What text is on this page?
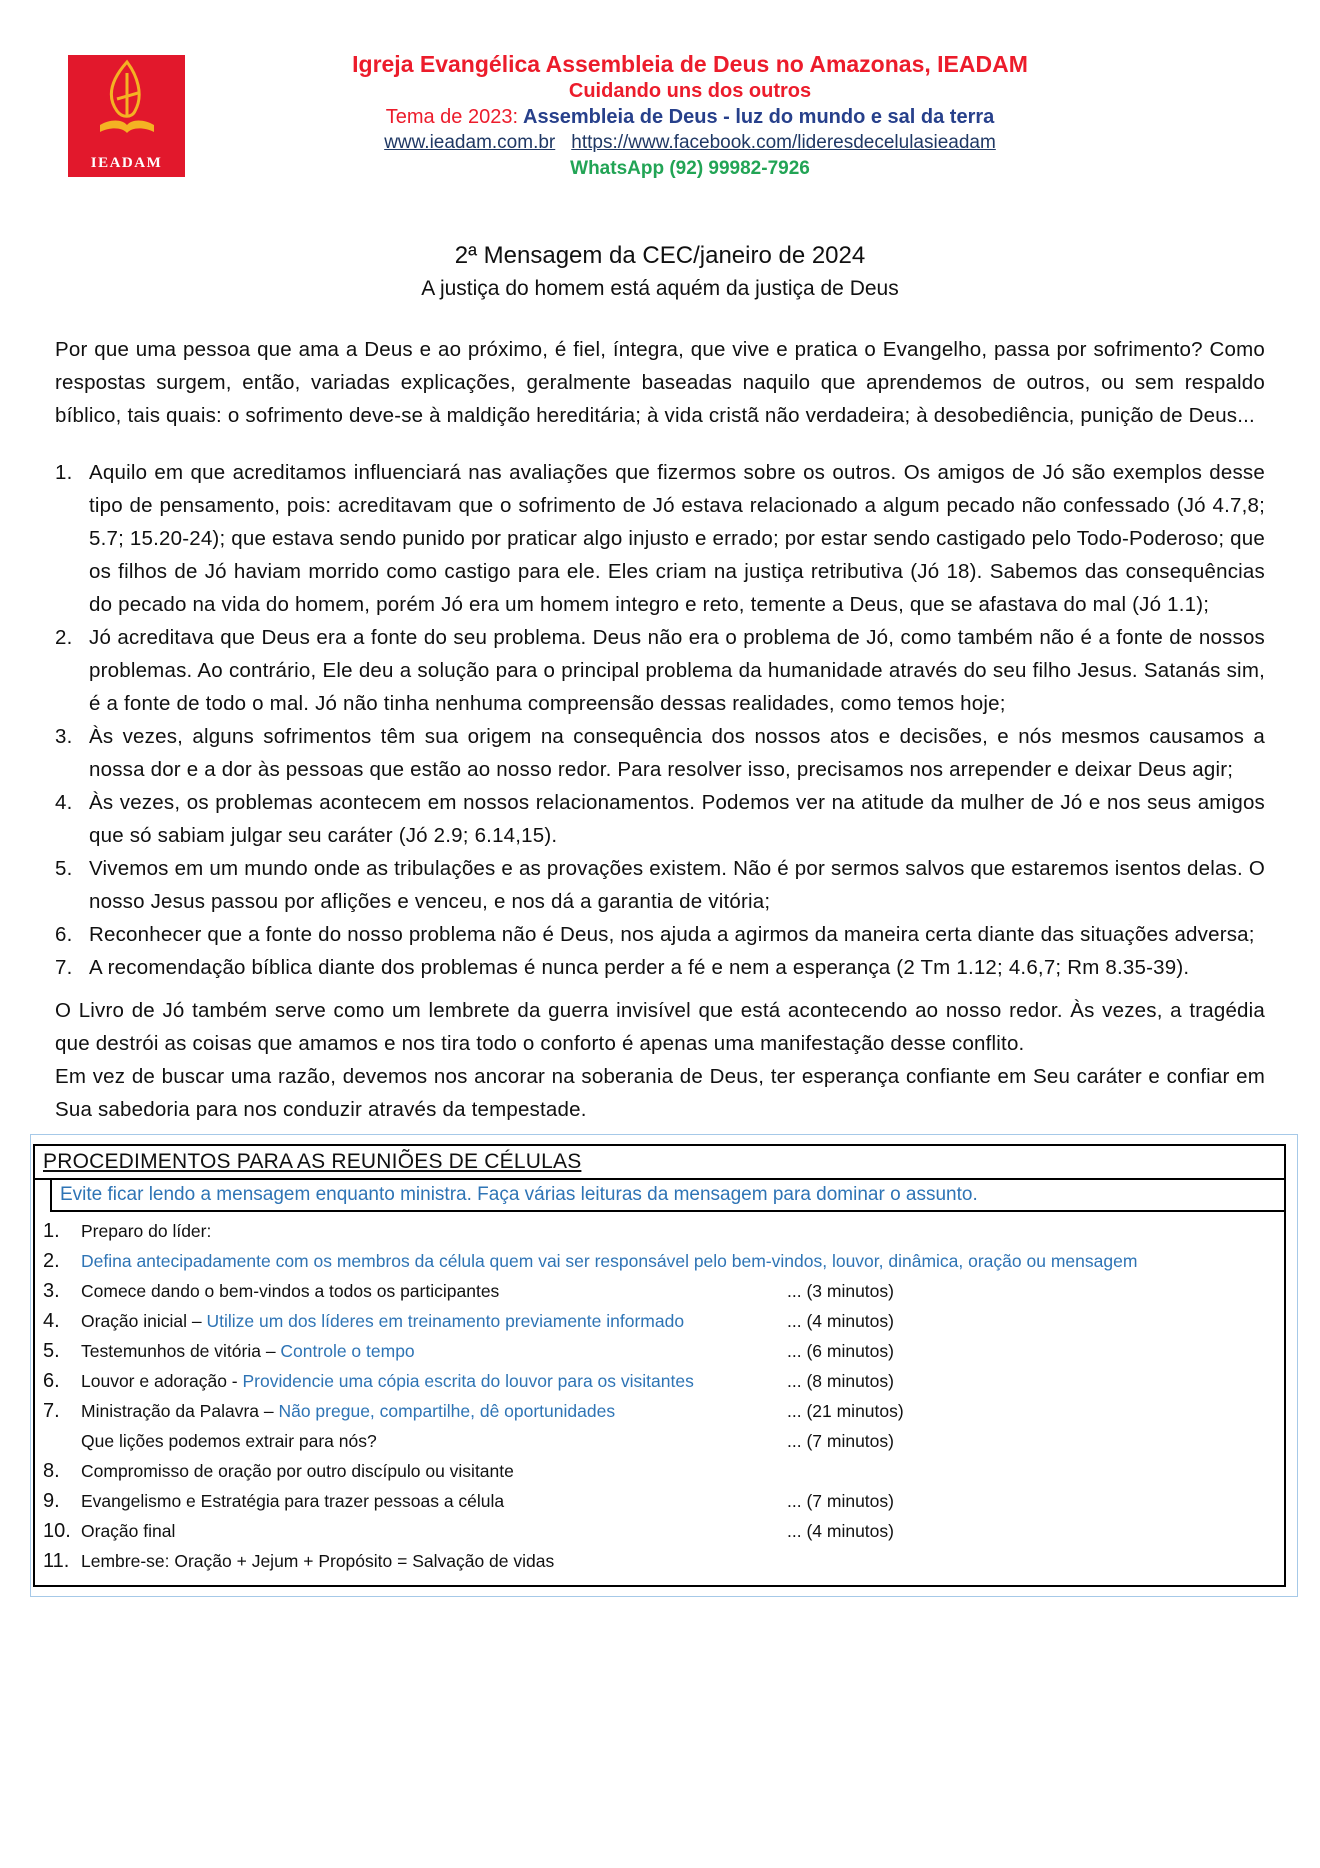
IEADAM
Igreja Evangélica Assembleia de Deus no Amazonas, IEADAM
Cuidando uns dos outros
Tema de 2023: Assembleia de Deus - luz do mundo e sal da terra
www.ieadam.com.br https://www.facebook.com/lideresdecelulasieadam
WhatsApp (92) 99982-7926
2ª Mensagem da CEC/janeiro de 2024
A justiça do homem está aquém da justiça de Deus

Por que uma pessoa que ama a Deus e ao próximo, é fiel, íntegra, que vive e pratica o Evangelho, passa por sofrimento? Como respostas surgem, então, variadas explicações, geralmente baseadas naquilo que aprendemos de outros, ou sem respaldo bíblico, tais quais: o sofrimento deve-se à maldição hereditária; à vida cristã não verdadeira; à desobediência, punição de Deus...

1. Aquilo em que acreditamos influenciará nas avaliações que fizermos sobre os outros. Os amigos de Jó são exemplos desse tipo de pensamento, pois: acreditavam que o sofrimento de Jó estava relacionado a algum pecado não confessado (Jó 4.7,8; 5.7; 15.20-24); que estava sendo punido por praticar algo injusto e errado; por estar sendo castigado pelo Todo-Poderoso; que os filhos de Jó haviam morrido como castigo para ele. Eles criam na justiça retributiva (Jó 18). Sabemos das consequências do pecado na vida do homem, porém Jó era um homem integro e reto, temente a Deus, que se afastava do mal (Jó 1.1);
2. Jó acreditava que Deus era a fonte do seu problema. Deus não era o problema de Jó, como também não é a fonte de nossos problemas. Ao contrário, Ele deu a solução para o principal problema da humanidade através do seu filho Jesus. Satanás sim, é a fonte de todo o mal. Jó não tinha nenhuma compreensão dessas realidades, como temos hoje;
3. Às vezes, alguns sofrimentos têm sua origem na consequência dos nossos atos e decisões, e nós mesmos causamos a nossa dor e a dor às pessoas que estão ao nosso redor. Para resolver isso, precisamos nos arrepender e deixar Deus agir;
4. Às vezes, os problemas acontecem em nossos relacionamentos. Podemos ver na atitude da mulher de Jó e nos seus amigos que só sabiam julgar seu caráter (Jó 2.9; 6.14,15).
5. Vivemos em um mundo onde as tribulações e as provações existem. Não é por sermos salvos que estaremos isentos delas. O nosso Jesus passou por aflições e venceu, e nos dá a garantia de vitória;
6. Reconhecer que a fonte do nosso problema não é Deus, nos ajuda a agirmos da maneira certa diante das situações adversa;
7. A recomendação bíblica diante dos problemas é nunca perder a fé e nem a esperança (2 Tm 1.12; 4.6,7; Rm 8.35-39).

O Livro de Jó também serve como um lembrete da guerra invisível que está acontecendo ao nosso redor. Às vezes, a tragédia que destrói as coisas que amamos e nos tira todo o conforto é apenas uma manifestação desse conflito.

Em vez de buscar uma razão, devemos nos ancorar na soberania de Deus, ter esperança confiante em Seu caráter e confiar em Sua sabedoria para nos conduzir através da tempestade.

PROCEDIMENTOS PARA AS REUNIÕES DE CÉLULAS
Evite ficar lendo a mensagem enquanto ministra. Faça várias leituras da mensagem para dominar o assunto.
1.	Preparo do líder:
2.	Defina antecipadamente com os membros da célula quem vai ser responsável pelo bem-vindos, louvor, dinâmica, oração ou mensagem
3.	Comece dando o bem-vindos a todos os participantes	... (3 minutos)
4.	Oração inicial – Utilize um dos líderes em treinamento previamente informado	... (4 minutos)
5.	Testemunhos de vitória – Controle o tempo	... (6 minutos)
6.	Louvor e adoração - Providencie uma cópia escrita do louvor para os visitantes	... (8 minutos)
7.	Ministração da Palavra – Não pregue, compartilhe, dê oportunidades	... (21 minutos)
Que lições podemos extrair para nós?	... (7 minutos)
8.	Compromisso de oração por outro discípulo ou visitante
9.	Evangelismo e Estratégia para trazer pessoas a célula	... (7 minutos)
10. Oração final	... (4 minutos)
11. Lembre-se: Oração + Jejum + Propósito = Salvação de vidas
